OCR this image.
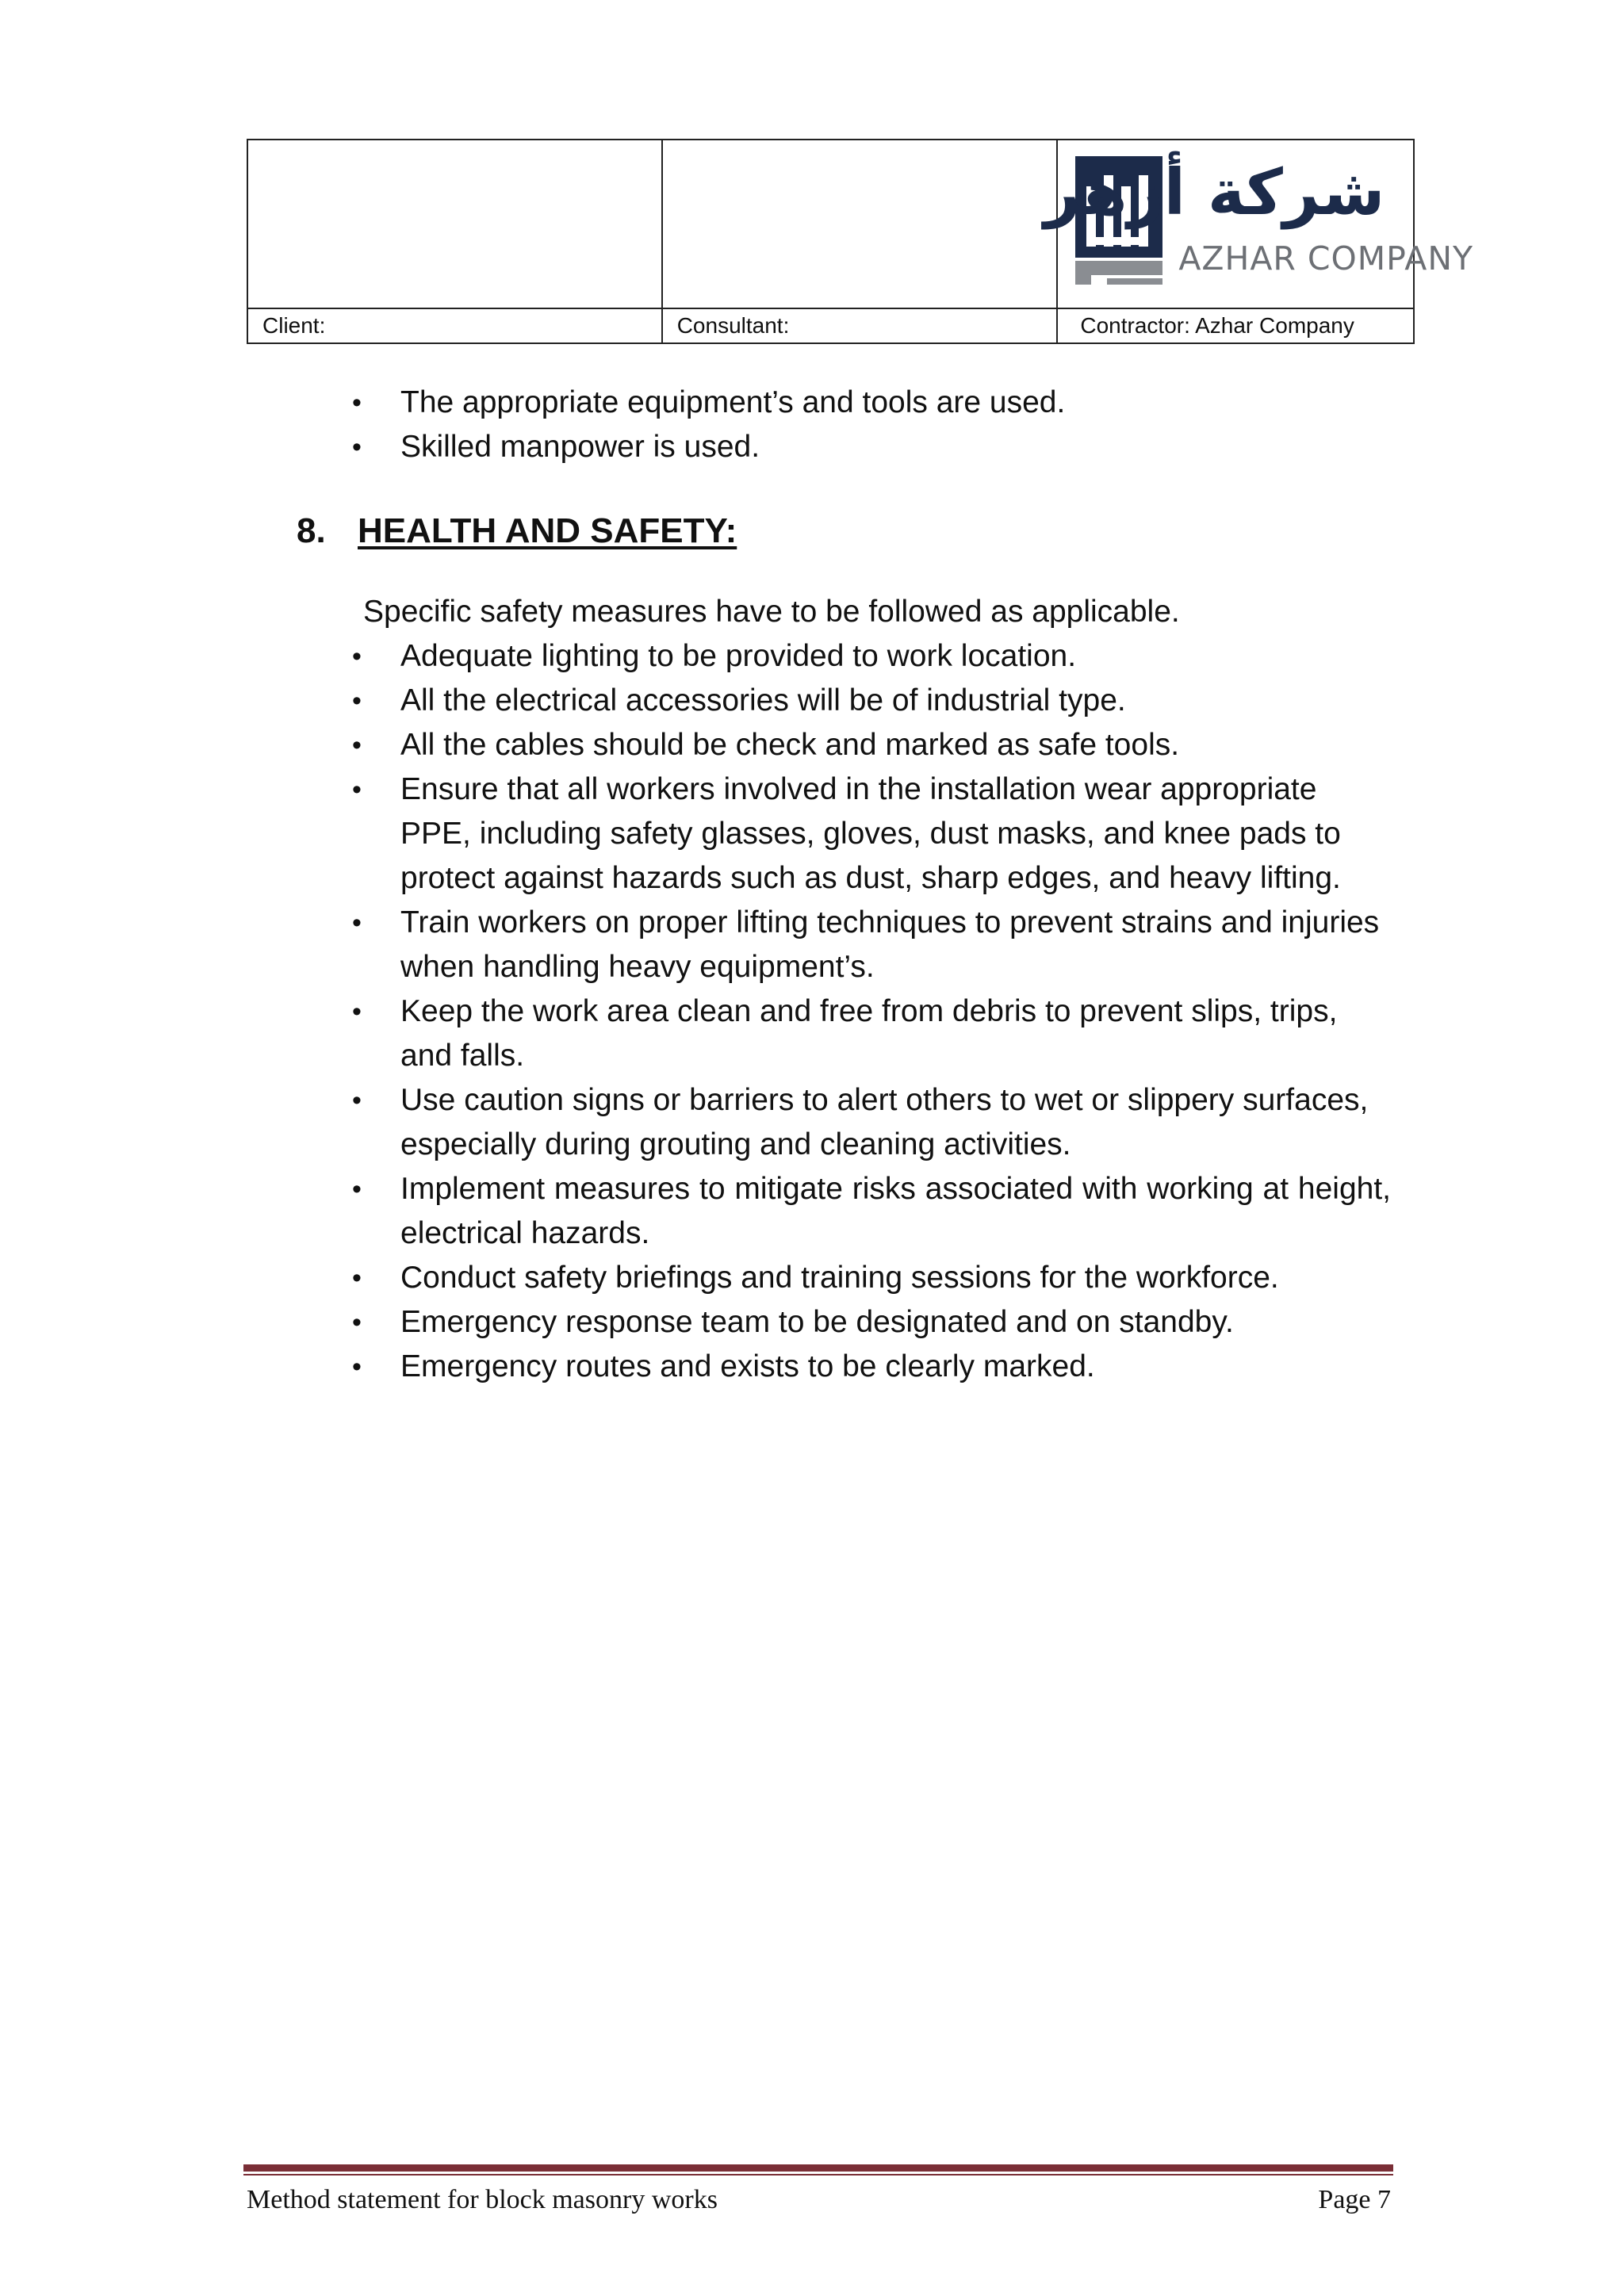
		شركة أزهر
AZHAR COMPANY

Client:	Consultant:	Contractor: Azhar Company
• The appropriate equipment’s and tools are used.
• Skilled manpower is used.
8. HEALTH AND SAFETY:
Specific safety measures have to be followed as applicable.
• Adequate lighting to be provided to work location.
• All the electrical accessories will be of industrial type.
• All the cables should be check and marked as safe tools.
• Ensure that all workers involved in the installation wear appropriate PPE, including safety glasses, gloves, dust masks, and knee pads to protect against hazards such as dust, sharp edges, and heavy lifting.
• Train workers on proper lifting techniques to prevent strains and injuries when handling heavy equipment’s.
• Keep the work area clean and free from debris to prevent slips, trips, and falls.
• Use caution signs or barriers to alert others to wet or slippery surfaces, especially during grouting and cleaning activities.
• Implement measures to mitigate risks associated with working at height, electrical hazards.
• Conduct safety briefings and training sessions for the workforce.
• Emergency response team to be designated and on standby.
• Emergency routes and exists to be clearly marked.
Method statement for block masonry works	Page 7
